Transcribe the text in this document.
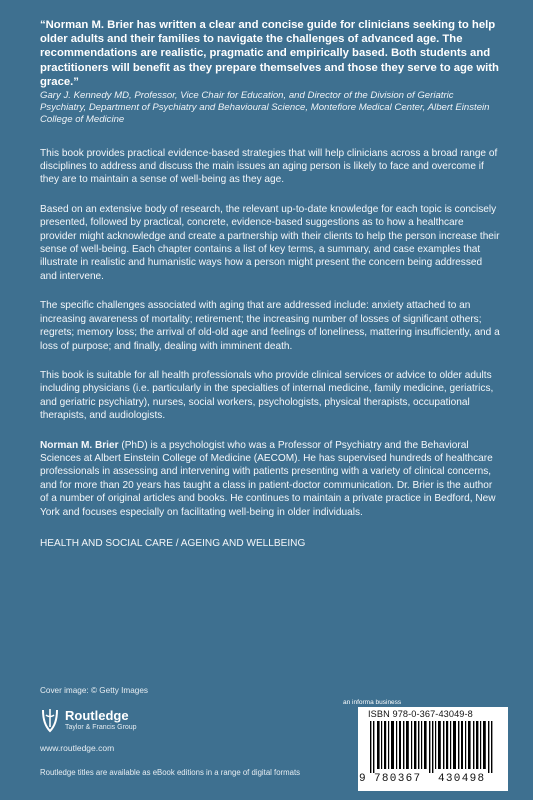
“Norman M. Brier has written a clear and concise guide for clinicians seeking to help older adults and their families to navigate the challenges of advanced age. The recommendations are realistic, pragmatic and empirically based. Both students and practitioners will benefit as they prepare themselves and those they serve to age with grace.”

Gary J. Kennedy MD, Professor, Vice Chair for Education, and Director of the Division of Geriatric Psychiatry, Department of Psychiatry and Behavioural Science, Montefiore Medical Center, Albert Einstein College of Medicine

This book provides practical evidence-based strategies that will help clinicians across a broad range of disciplines to address and discuss the main issues an aging person is likely to face and overcome if they are to maintain a sense of well-being as they age.

Based on an extensive body of research, the relevant up-to-date knowledge for each topic is concisely presented, followed by practical, concrete, evidence-based suggestions as to how a healthcare provider might acknowledge and create a partnership with their clients to help the person increase their sense of well-being. Each chapter contains a list of key terms, a summary, and case examples that illustrate in realistic and humanistic ways how a person might present the concern being addressed and intervene.

The specific challenges associated with aging that are addressed include: anxiety attached to an increasing awareness of mortality; retirement; the increasing number of losses of significant others; regrets; memory loss; the arrival of old-old age and feelings of loneliness, mattering insufficiently, and a loss of purpose; and finally, dealing with imminent death.

This book is suitable for all health professionals who provide clinical services or advice to older adults including physicians (i.e. particularly in the specialties of internal medicine, family medicine, geriatrics, and geriatric psychiatry), nurses, social workers, psychologists, physical therapists, occupational therapists, and audiologists.

Norman M. Brier (PhD) is a psychologist who was a Professor of Psychiatry and the Behavioral Sciences at Albert Einstein College of Medicine (AECOM). He has supervised hundreds of healthcare professionals in assessing and intervening with patients presenting with a variety of clinical concerns, and for more than 20 years has taught a class in patient-doctor communication. Dr. Brier is the author of a number of original articles and books. He continues to maintain a private practice in Bedford, New York and focuses especially on facilitating well-being in older individuals.

HEALTH AND SOCIAL CARE / AGEING AND WELLBEING
Cover image: © Getty Images
Routledge
Taylor & Francis Group
www.routledge.com
Routledge titles are available as eBook editions in a range of digital formats
an informa business
ISBN 978-0-367-43049-8
9 780367 430498
